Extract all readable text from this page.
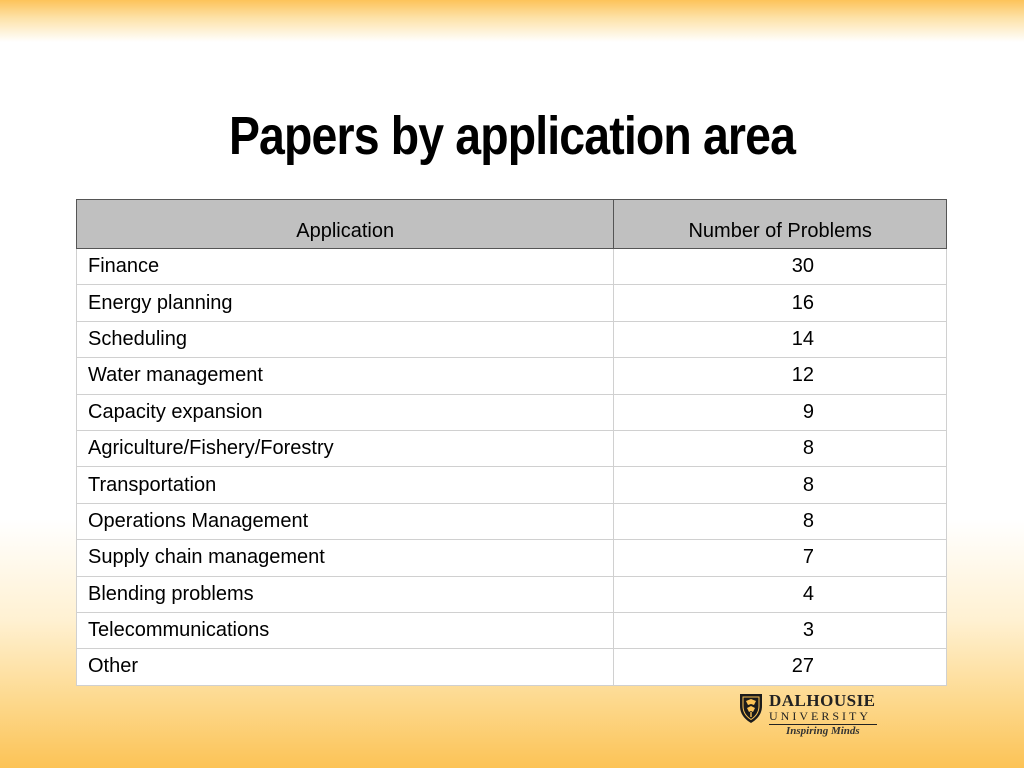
Papers by application area
Application	Number of Problems
Finance	30
Energy planning	16
Scheduling	14
Water management	12
Capacity expansion	9
Agriculture/Fishery/Forestry	8
Transportation	8
Operations Management	8
Supply chain management	7
Blending problems	4
Telecommunications	3
Other	27
DALHOUSIE
UNIVERSITY
Inspiring Minds
